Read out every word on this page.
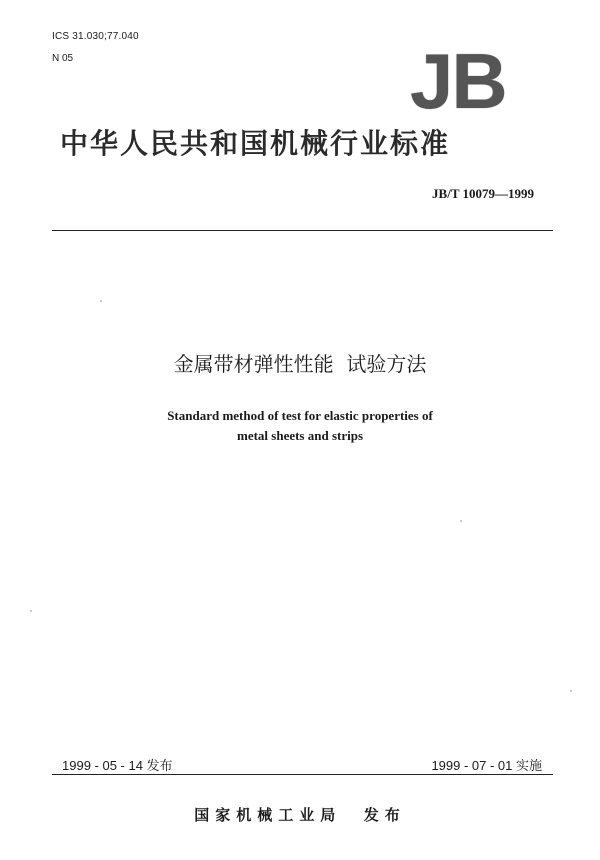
ICS 31.030;77.040
N 05	JB
中华人民共和国机械行业标准
JB/T 10079—1999
金属带材弹性性能  试验方法
Standard method of test for elastic properties of
metal sheets and strips
1999 - 05 - 14 发布	1999 - 07 - 01 实施
国家机械工业局  发布
